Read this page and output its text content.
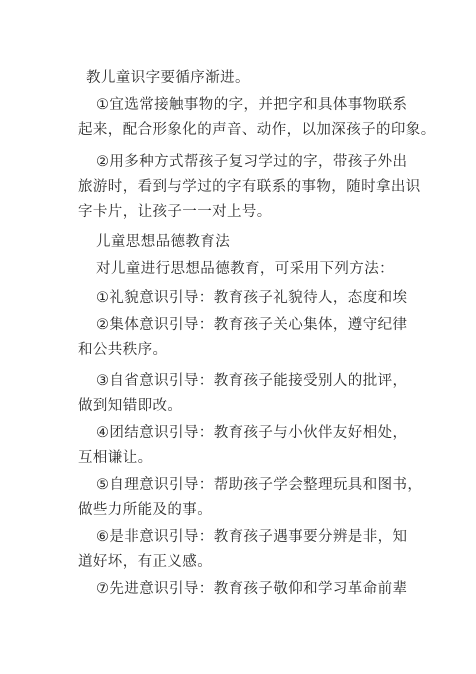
教儿童识字要循序渐进。
①宜选常接触事物的字，并把字和具体事物联系
起来，配合形象化的声音、动作，以加深孩子的印象。
②用多种方式帮孩子复习学过的字，带孩子外出
旅游时，看到与学过的字有联系的事物，随时拿出识
字卡片，让孩子一一对上号。
儿童思想品德教育法
对儿童进行思想品德教育，可采用下列方法：
①礼貌意识引导：教育孩子礼貌待人，态度和埃
②集体意识引导：教育孩子关心集体，遵守纪律
和公共秩序。
③自省意识引导：教育孩子能接受别人的批评，
做到知错即改。
④团结意识引导：教育孩子与小伙伴友好相处，
互相谦让。
⑤自理意识引导：帮助孩子学会整理玩具和图书，
做些力所能及的事。
⑥是非意识引导：教育孩子遇事要分辨是非，知
道好坏，有正义感。
⑦先进意识引导：教育孩子敬仰和学习革命前辈
